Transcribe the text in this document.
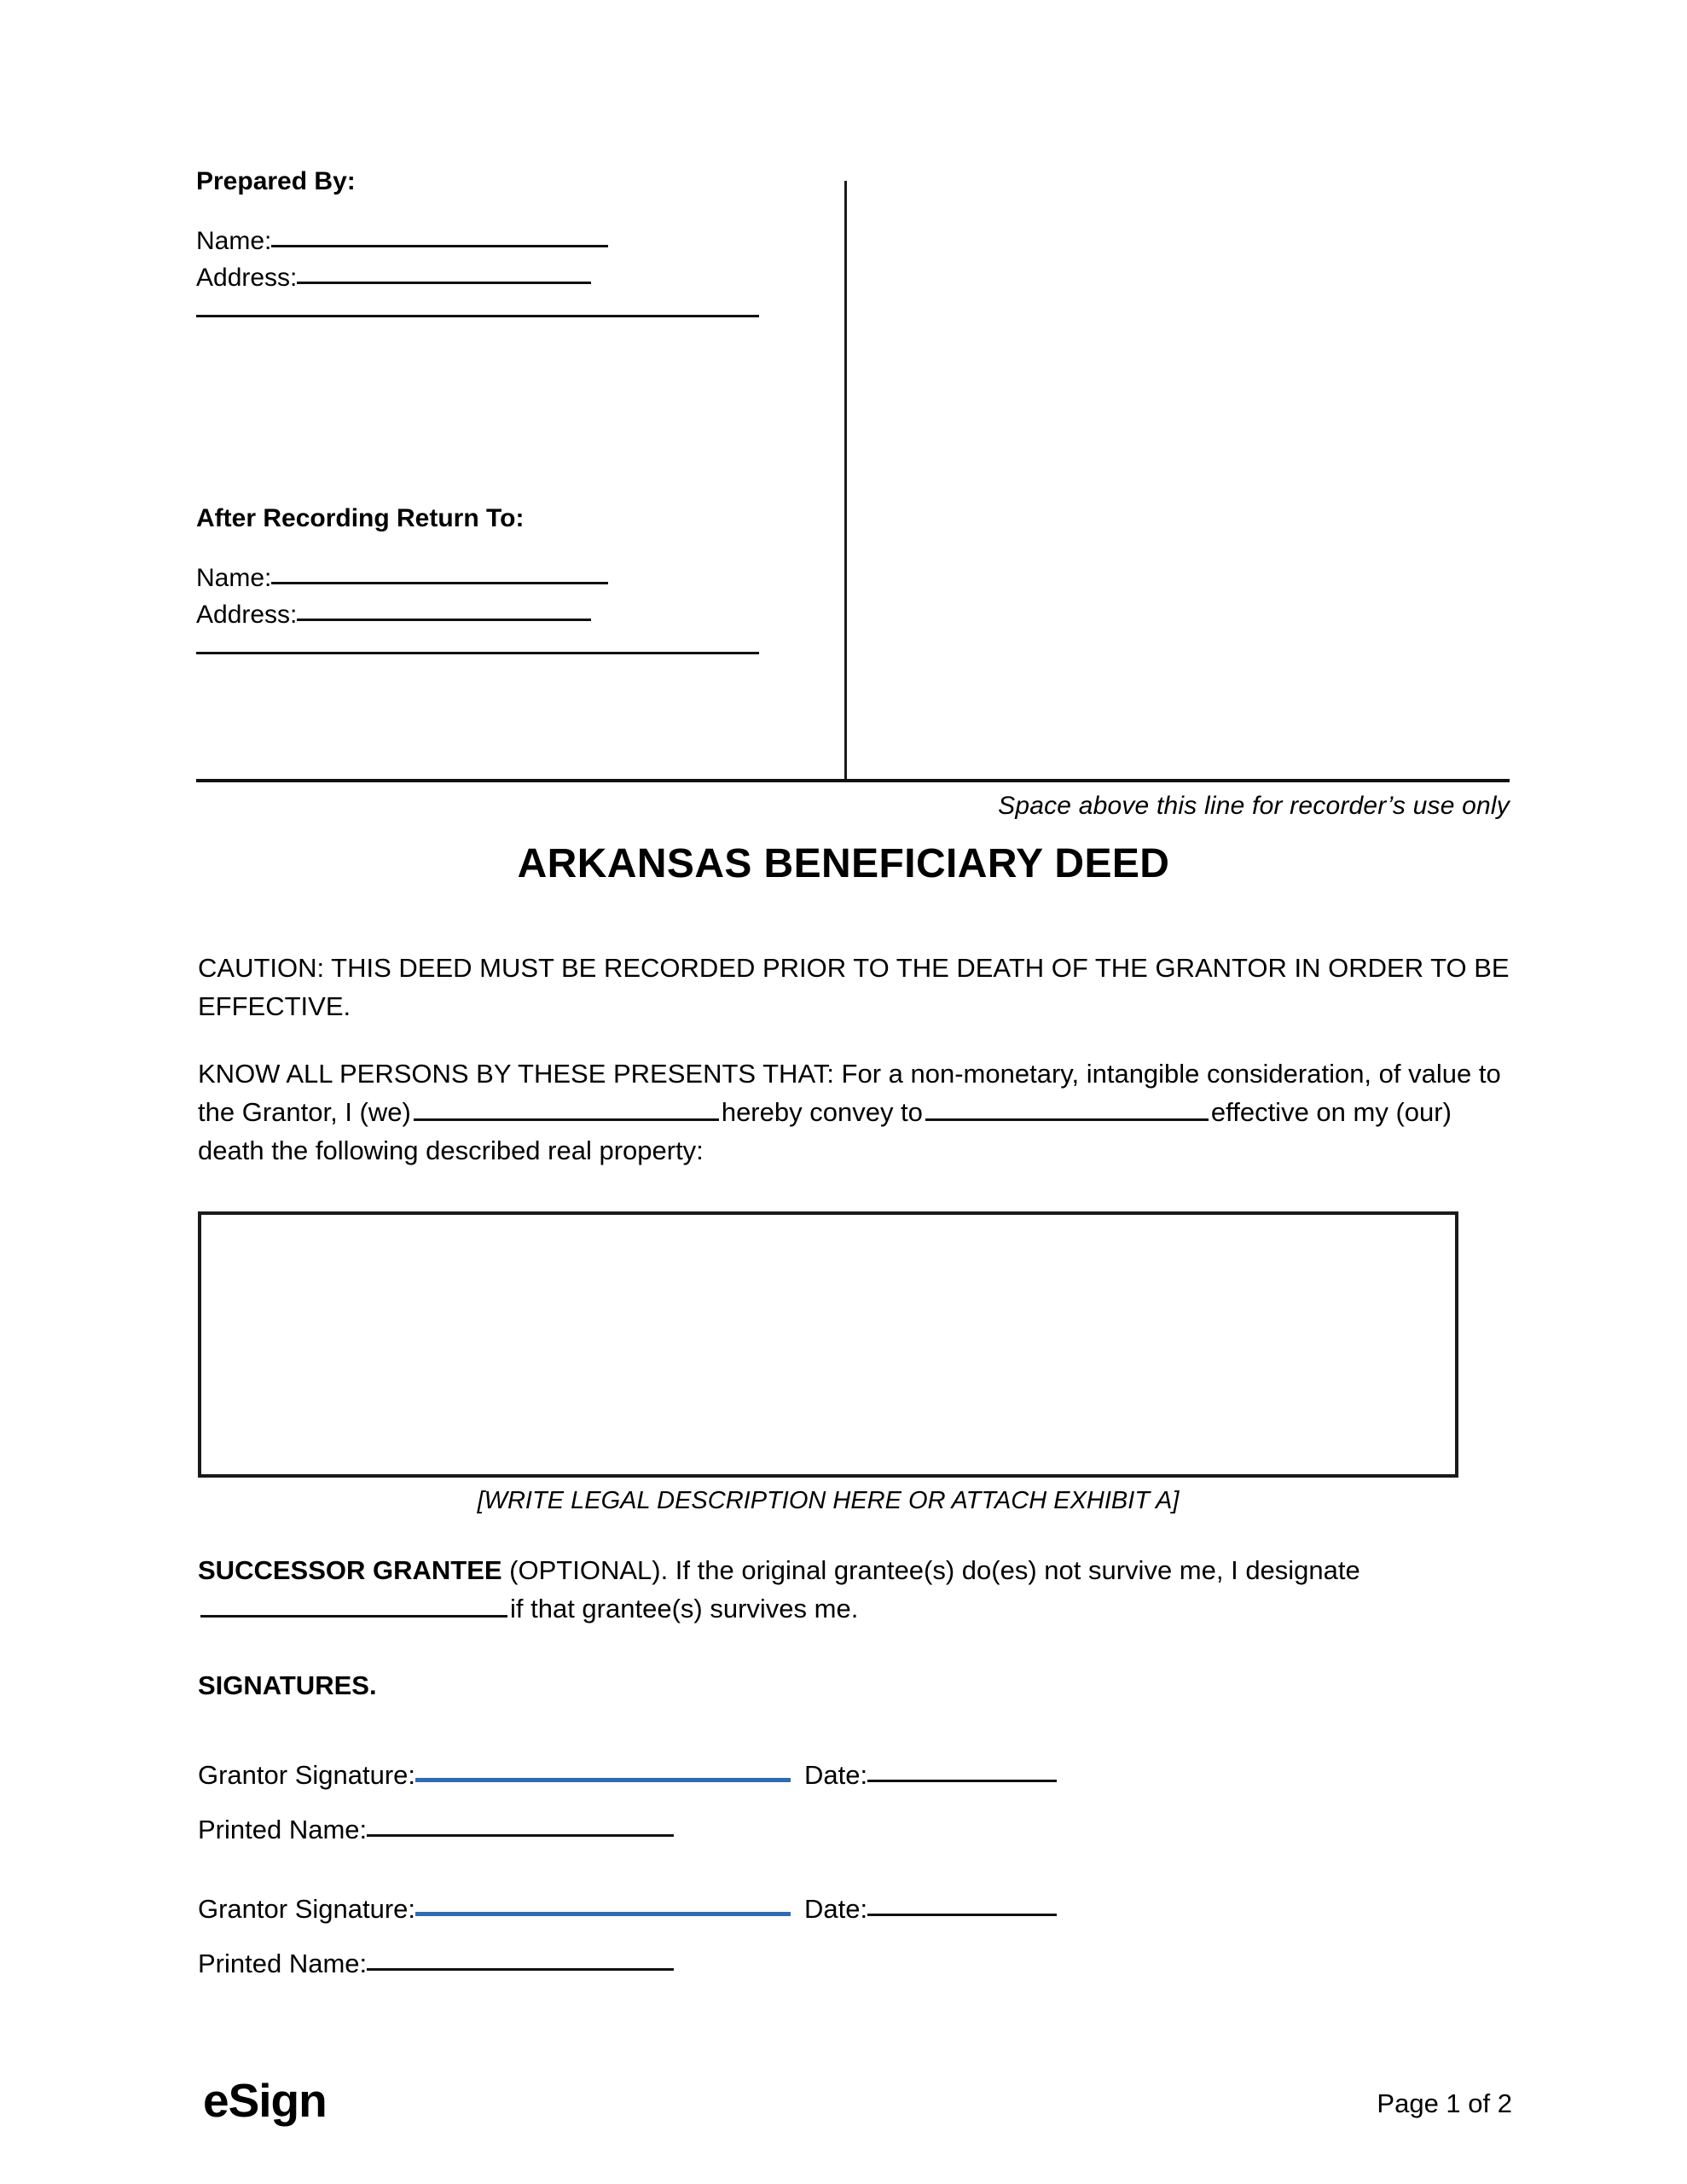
Prepared By:
Name:
Address:
After Recording Return To:
Name:
Address:
Space above this line for recorder’s use only
ARKANSAS BENEFICIARY DEED

CAUTION: THIS DEED MUST BE RECORDED PRIOR TO THE DEATH OF THE GRANTOR IN ORDER TO BE EFFECTIVE.

KNOW ALL PERSONS BY THESE PRESENTS THAT: For a non-monetary, intangible consideration, of value to the Grantor, I (we)	hereby convey to	effective on my (our) death the following described real property:

[WRITE LEGAL DESCRIPTION HERE OR ATTACH EXHIBIT A]

SUCCESSOR GRANTEE (OPTIONAL). If the original grantee(s) do(es) not survive me, I designateif that grantee(s) survives me.

SIGNATURES.
Grantor Signature:	Date:
Printed Name:
Grantor Signature:	Date:
Printed Name:
eSign	Page 1 of 2
